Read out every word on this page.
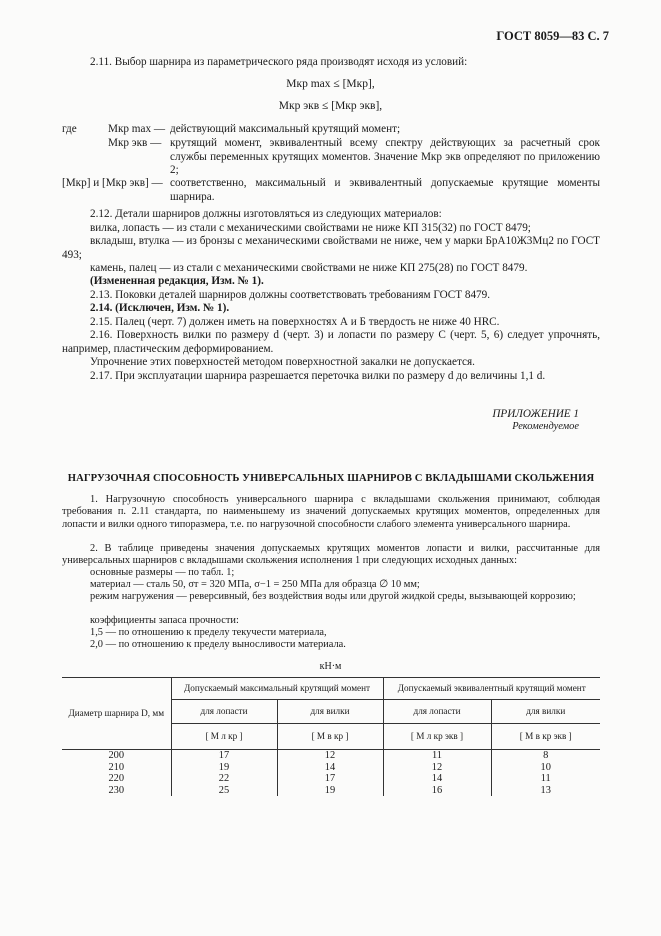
ГОСТ 8059—83 С. 7
2.11. Выбор шарнира из параметрического ряда производят исходя из условий:
Мкр max ≤ [Мкр],
Мкр экв ≤ [Мкр экв],
где	Мкр max — действующий максимальный крутящий момент;
Мкр экв — крутящий момент, эквивалентный всему спектру действующих за расчетный срок службы переменных крутящих моментов. Значение Мкр экв определяют по приложению 2;
[Мкр] и [Мкр экв] — соответственно, максимальный и эквивалентный допускаемые крутящие моменты шарнира.
2.12. Детали шарниров должны изготовляться из следующих материалов:
вилка, лопасть — из стали с механическими свойствами не ниже КП 315(32) по ГОСТ 8479;
вкладыш, втулка — из бронзы с механическими свойствами не ниже, чем у марки БрА10Ж3Мц2 по ГОСТ 493;
камень, палец — из стали с механическими свойствами не ниже КП 275(28) по ГОСТ 8479.
(Измененная редакция, Изм. № 1).
2.13. Поковки деталей шарниров должны соответствовать требованиям ГОСТ 8479.
2.14. (Исключен, Изм. № 1).
2.15. Палец (черт. 7) должен иметь на поверхностях А и Б твердость не ниже 40 HRC.
2.16. Поверхность вилки по размеру d (черт. 3) и лопасти по размеру С (черт. 5, 6) следует упрочнять, например, пластическим деформированием.
Упрочнение этих поверхностей методом поверхностной закалки не допускается.
2.17. При эксплуатации шарнира разрешается переточка вилки по размеру d до величины 1,1 d.
ПРИЛОЖЕНИЕ 1
Рекомендуемое
НАГРУЗОЧНАЯ СПОСОБНОСТЬ УНИВЕРСАЛЬНЫХ ШАРНИРОВ С ВКЛАДЫШАМИ СКОЛЬЖЕНИЯ
1. Нагрузочную способность универсального шарнира с вкладышами скольжения принимают, соблюдая требования п. 2.11 стандарта, по наименьшему из значений допускаемых крутящих моментов, определенных для лопасти и вилки одного типоразмера, т.е. по нагрузочной способности слабого элемента универсального шарнира.
2. В таблице приведены значения допускаемых крутящих моментов лопасти и вилки, рассчитанные для универсальных шарниров с вкладышами скольжения исполнения 1 при следующих исходных данных:
основные размеры — по табл. 1;
материал — сталь 50, σт = 320 МПа, σ−1 = 250 МПа для образца ∅ 10 мм;
режим нагружения — реверсивный, без воздействия воды или другой жидкой среды, вызывающей коррозию;
коэффициенты запаса прочности:
1,5 — по отношению к пределу текучести материала,
2,0 — по отношению к пределу выносливости материала.
кН·м
Диаметр шарнира D, мм	Допускаемый максимальный крутящий момент		Допускаемый эквивалентный крутящий момент	
	для лопасти	для вилки	для лопасти	для вилки
	[ M л кр ]	[ M в кр ]	[ M л кр экв ]	[ M в кр экв ]
200	17	12	11	8
210	19	14	12	10
220	22	17	14	11
230	25	19	16	13
